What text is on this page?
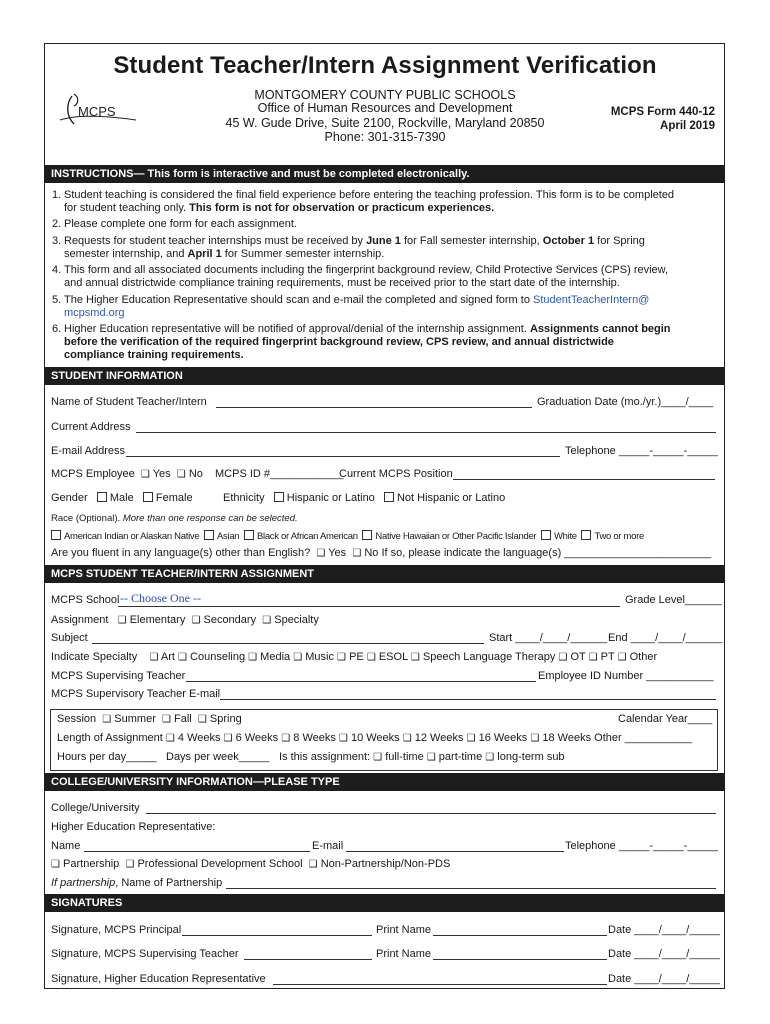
Student Teacher/Intern Assignment Verification
MCPS
MONTGOMERY COUNTY PUBLIC SCHOOLS
Office of Human Resources and Development
45 W. Gude Drive, Suite 2100, Rockville, Maryland 20850
Phone: 301-315-7390
MCPS Form 440-12
April 2019
INSTRUCTIONS— This form is interactive and must be completed electronically.
1. Student teaching is considered the final field experience before entering the teaching profession. This form is to be completed
for student teaching only. This form is not for observation or practicum experiences.
2. Please complete one form for each assignment.
3. Requests for student teacher internships must be received by June 1 for Fall semester internship, October 1 for Spring
semester internship, and April 1 for Summer semester internship.
4. This form and all associated documents including the fingerprint background review, Child Protective Services (CPS) review,
and annual districtwide compliance training requirements, must be received prior to the start date of the internship.
5. The Higher Education Representative should scan and e-mail the completed and signed form to StudentTeacherIntern@
mcpsmd.org
6. Higher Education representative will be notified of approval/denial of the internship assignment. Assignments cannot begin
before the verification of the required fingerprint background review, CPS review, and annual districtwide
compliance training requirements.
STUDENT INFORMATION
Name of Student Teacher/Intern	Graduation Date (mo./yr.)____/____
Current Address
E-mail Address	Telephone _____-_____-_____
MCPS Employee ❑ Yes ❑ No MCPS ID #____________
Current MCPS Position
Gender Male Female	Ethnicity Hispanic or Latino Not Hispanic or Latino
Race (Optional). More than one response can be selected.
American Indian or Alaskan Native Asian Black or African American Native Hawaiian or Other Pacific Islander White Two or more
Are you fluent in any language(s) other than English? ❑ Yes ❑ No If so, please indicate the language(s) ________________________
MCPS STUDENT TEACHER/INTERN ASSIGNMENT
MCPS School -- Choose One --	Grade Level______
Assignment ❑ Elementary ❑ Secondary ❑ Specialty
Subject	Start ____/____/______ End ____/____/______
Indicate Specialty ❑ Art ❑ Counseling ❑ Media ❑ Music ❑ PE ❑ ESOL ❑ Speech Language Therapy ❑ OT ❑ PT ❑ Other
MCPS Supervising Teacher	Employee ID Number ___________
MCPS Supervisory Teacher E-mail
Session ❑ Summer ❑ Fall ❑ Spring	Calendar Year____
Length of Assignment ❑ 4 Weeks ❑ 6 Weeks ❑ 8 Weeks ❑ 10 Weeks ❑ 12 Weeks ❑ 16 Weeks ❑ 18 Weeks Other ___________
Hours per day_____ Days per week_____ Is this assignment: ❑ full-time ❑ part-time ❑ long-term sub
COLLEGE/UNIVERSITY INFORMATION—PLEASE TYPE
College/University
Higher Education Representative:
Name	E-mail	Telephone _____-_____-_____
❑ Partnership ❑ Professional Development School ❑ Non-Partnership/Non-PDS
If partnership, Name of Partnership
SIGNATURES
Signature, MCPS Principal	Print Name	Date ____/____/_____
Signature, MCPS Supervising Teacher	Print Name	Date ____/____/_____
Signature, Higher Education Representative	Date ____/____/_____
